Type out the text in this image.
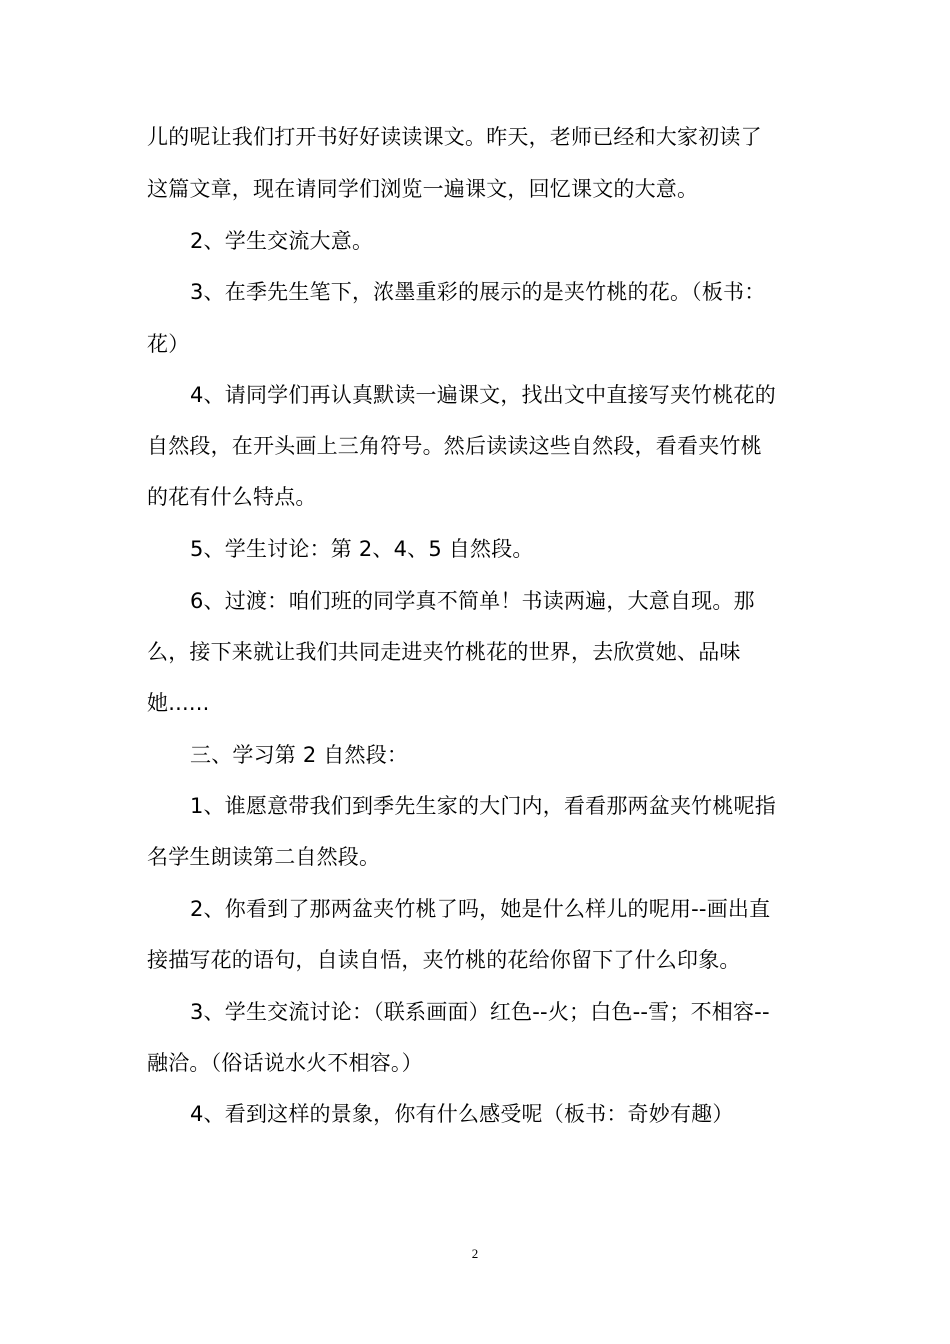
儿的呢让我们打开书好好读读课文。昨天，老师已经和大家初读了
这篇文章，现在请同学们浏览一遍课文，回忆课文的大意。
2、学生交流大意。
3、在季先生笔下，浓墨重彩的展示的是夹竹桃的花。（板书：
花）
4、请同学们再认真默读一遍课文，找出文中直接写夹竹桃花的
自然段，在开头画上三角符号。然后读读这些自然段，看看夹竹桃
的花有什么特点。
5、学生讨论：第 2、4、5 自然段。
6、过渡：咱们班的同学真不简单！书读两遍，大意自现。那
么，接下来就让我们共同走进夹竹桃花的世界，去欣赏她、品味
她......
三、学习第 2 自然段：
1、谁愿意带我们到季先生家的大门内，看看那两盆夹竹桃呢指
名学生朗读第二自然段。
2、你看到了那两盆夹竹桃了吗，她是什么样儿的呢用--画出直
接描写花的语句，自读自悟，夹竹桃的花给你留下了什么印象。
3、学生交流讨论：（联系画面）红色--火；白色--雪；不相容--
融洽。（俗话说水火不相容。）
4、看到这样的景象，你有什么感受呢（板书：奇妙有趣）
2
